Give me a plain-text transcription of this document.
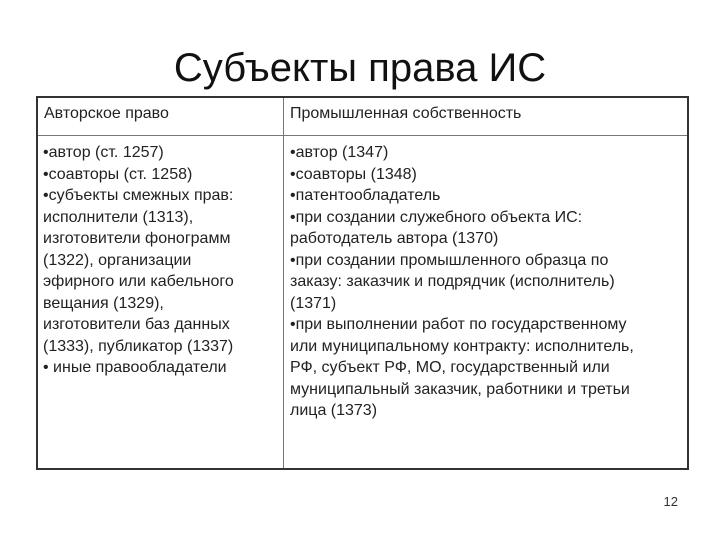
Субъекты права ИС
Авторское право	Промышленная собственность
•автор (ст. 1257)
•соавторы (ст. 1258)
•субъекты смежных прав:
исполнители (1313),
изготовители фонограмм
(1322), организации
эфирного или кабельного
вещания (1329),
изготовители баз данных
(1333), публикатор (1337)
• иные правообладатели
•автор (1347)
•соавторы (1348)
•патентообладатель
•при создании служебного объекта ИС:
работодатель автора (1370)
•при создании промышленного образца по
заказу: заказчик и подрядчик (исполнитель)
(1371)
•при выполнении работ по государственному
или муниципальному контракту: исполнитель,
РФ, субъект РФ, МО, государственный или
муниципальный заказчик, работники и третьи
лица (1373)
12
